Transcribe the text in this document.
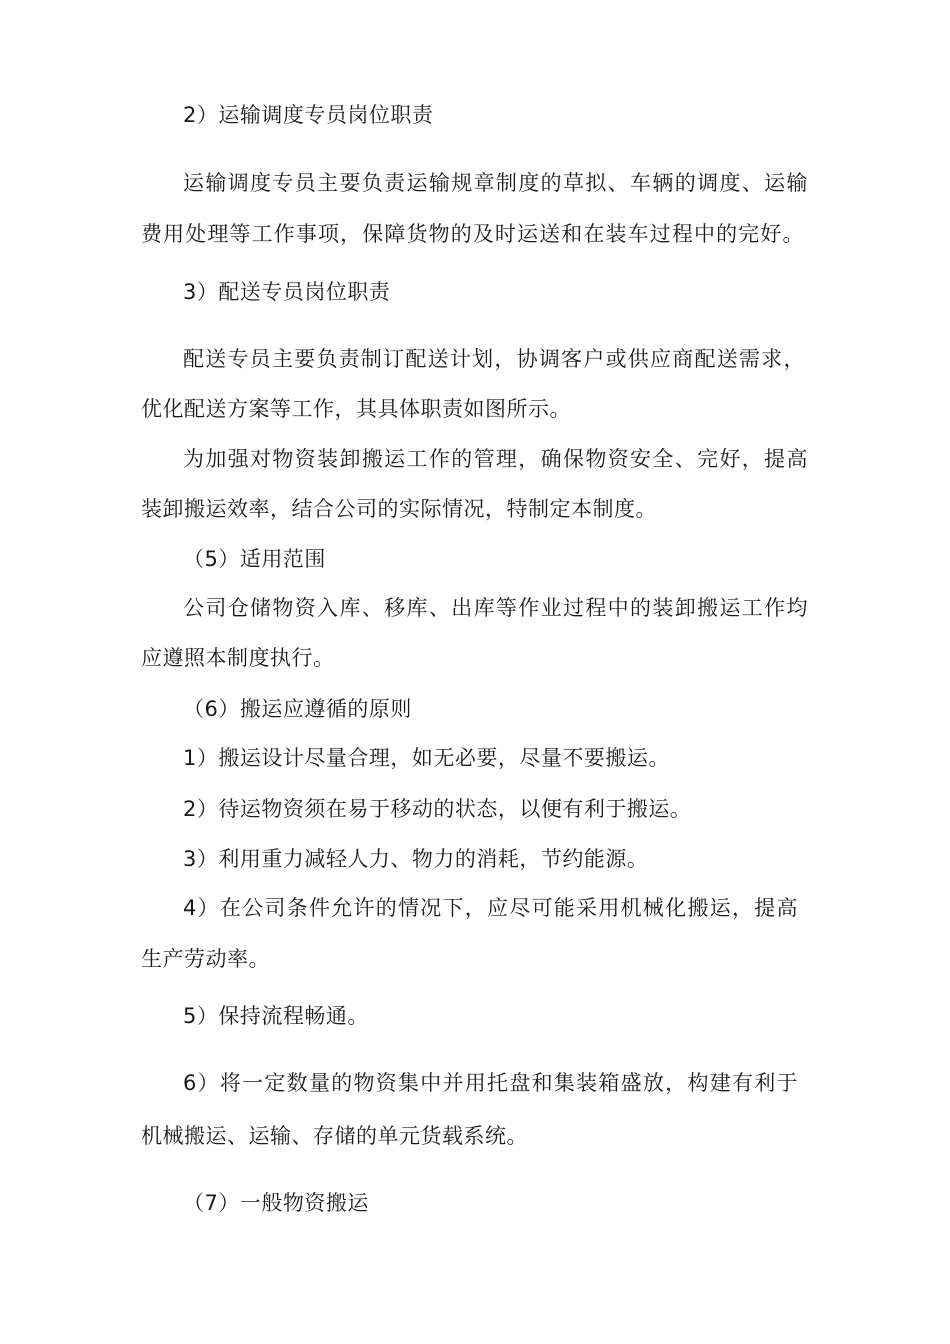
2）运输调度专员岗位职责
运输调度专员主要负责运输规章制度的草拟、车辆的调度、运输
费用处理等工作事项，保障货物的及时运送和在装车过程中的完好。
3）配送专员岗位职责
配送专员主要负责制订配送计划，协调客户或供应商配送需求，
优化配送方案等工作，其具体职责如图所示。
为加强对物资装卸搬运工作的管理，确保物资安全、完好，提高
装卸搬运效率，结合公司的实际情况，特制定本制度。
（5）适用范围
公司仓储物资入库、移库、出库等作业过程中的装卸搬运工作均
应遵照本制度执行。
（6）搬运应遵循的原则
1）搬运设计尽量合理，如无必要，尽量不要搬运。
2）待运物资须在易于移动的状态，以便有利于搬运。
3）利用重力减轻人力、物力的消耗，节约能源。
4）在公司条件允许的情况下，应尽可能采用机械化搬运，提高
生产劳动率。
5）保持流程畅通。
6）将一定数量的物资集中并用托盘和集装箱盛放，构建有利于
机械搬运、运输、存储的单元货载系统。
（7）一般物资搬运
